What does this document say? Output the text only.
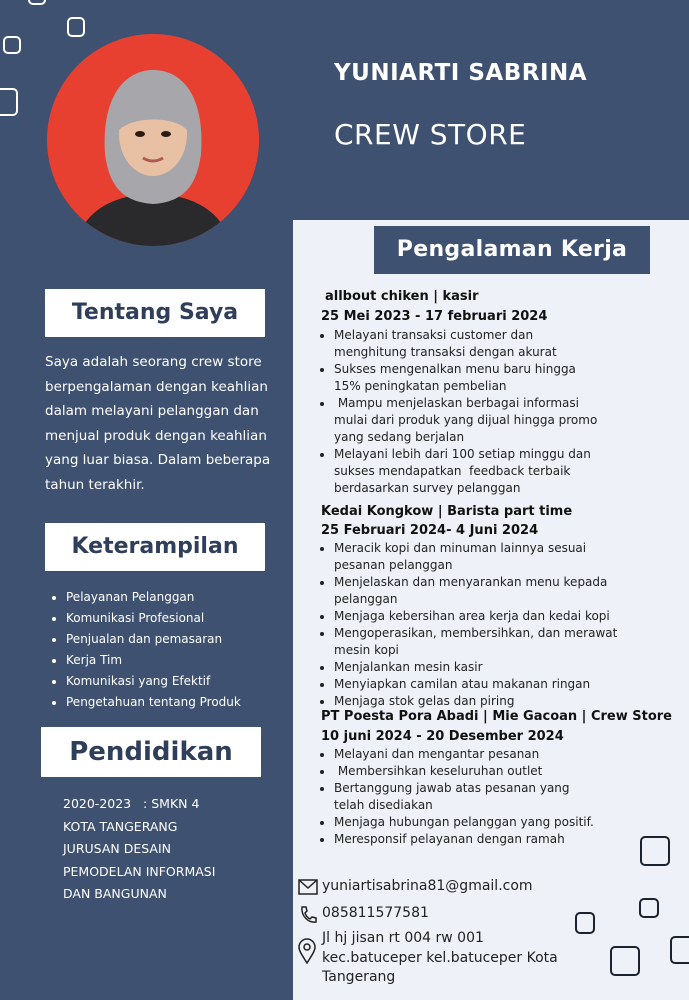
YUNIARTI SABRINA
CREW STORE
Tentang Saya
Saya adalah seorang crew store berpengalaman dengan keahlian dalam melayani pelanggan dan menjual produk dengan keahlian yang luar biasa. Dalam beberapa tahun terakhir.
Keterampilan
• Pelayanan Pelanggan
• Komunikasi Profesional
• Penjualan dan pemasaran
• Kerja Tim
• Komunikasi yang Efektif
• Pengetahuan tentang Produk
Pendidikan
2020-2023   : SMKN 4
KOTA TANGERANG
JURUSAN DESAIN
PEMODELAN INFORMASI
DAN BANGUNAN
Pengalaman Kerja
allbout chiken | kasir
25 Mei 2023 - 17 februari 2024
• Melayani transaksi customer dan menghitung transaksi dengan akurat
• Sukses mengenalkan menu baru hingga 15% peningkatan pembelian
•  Mampu menjelaskan berbagai informasi mulai dari produk yang dijual hingga promo yang sedang berjalan
• Melayani lebih dari 100 setiap minggu dan sukses mendapatkan  feedback terbaik berdasarkan survey pelanggan
Kedai Kongkow | Barista part time
25 Februari 2024- 4 Juni 2024
• Meracik kopi dan minuman lainnya sesuai pesanan pelanggan
• Menjelaskan dan menyarankan menu kepada pelanggan
• Menjaga kebersihan area kerja dan kedai kopi
• Mengoperasikan, membersihkan, dan merawat mesin kopi
• Menjalankan mesin kasir
• Menyiapkan camilan atau makanan ringan
• Menjaga stok gelas dan piring
PT Poesta Pora Abadi | Mie Gacoan | Crew Store
10 juni 2024 - 20 Desember 2024
• Melayani dan mengantar pesanan
•  Membersihkan keseluruhan outlet
• Bertanggung jawab atas pesanan yang telah disediakan
• Menjaga hubungan pelanggan yang positif.
• Meresponsif pelayanan dengan ramah
yuniartisabrina81@gmail.com
085811577581
Jl hj jisan rt 004 rw 001
kec.batuceper kel.batuceper Kota
Tangerang
